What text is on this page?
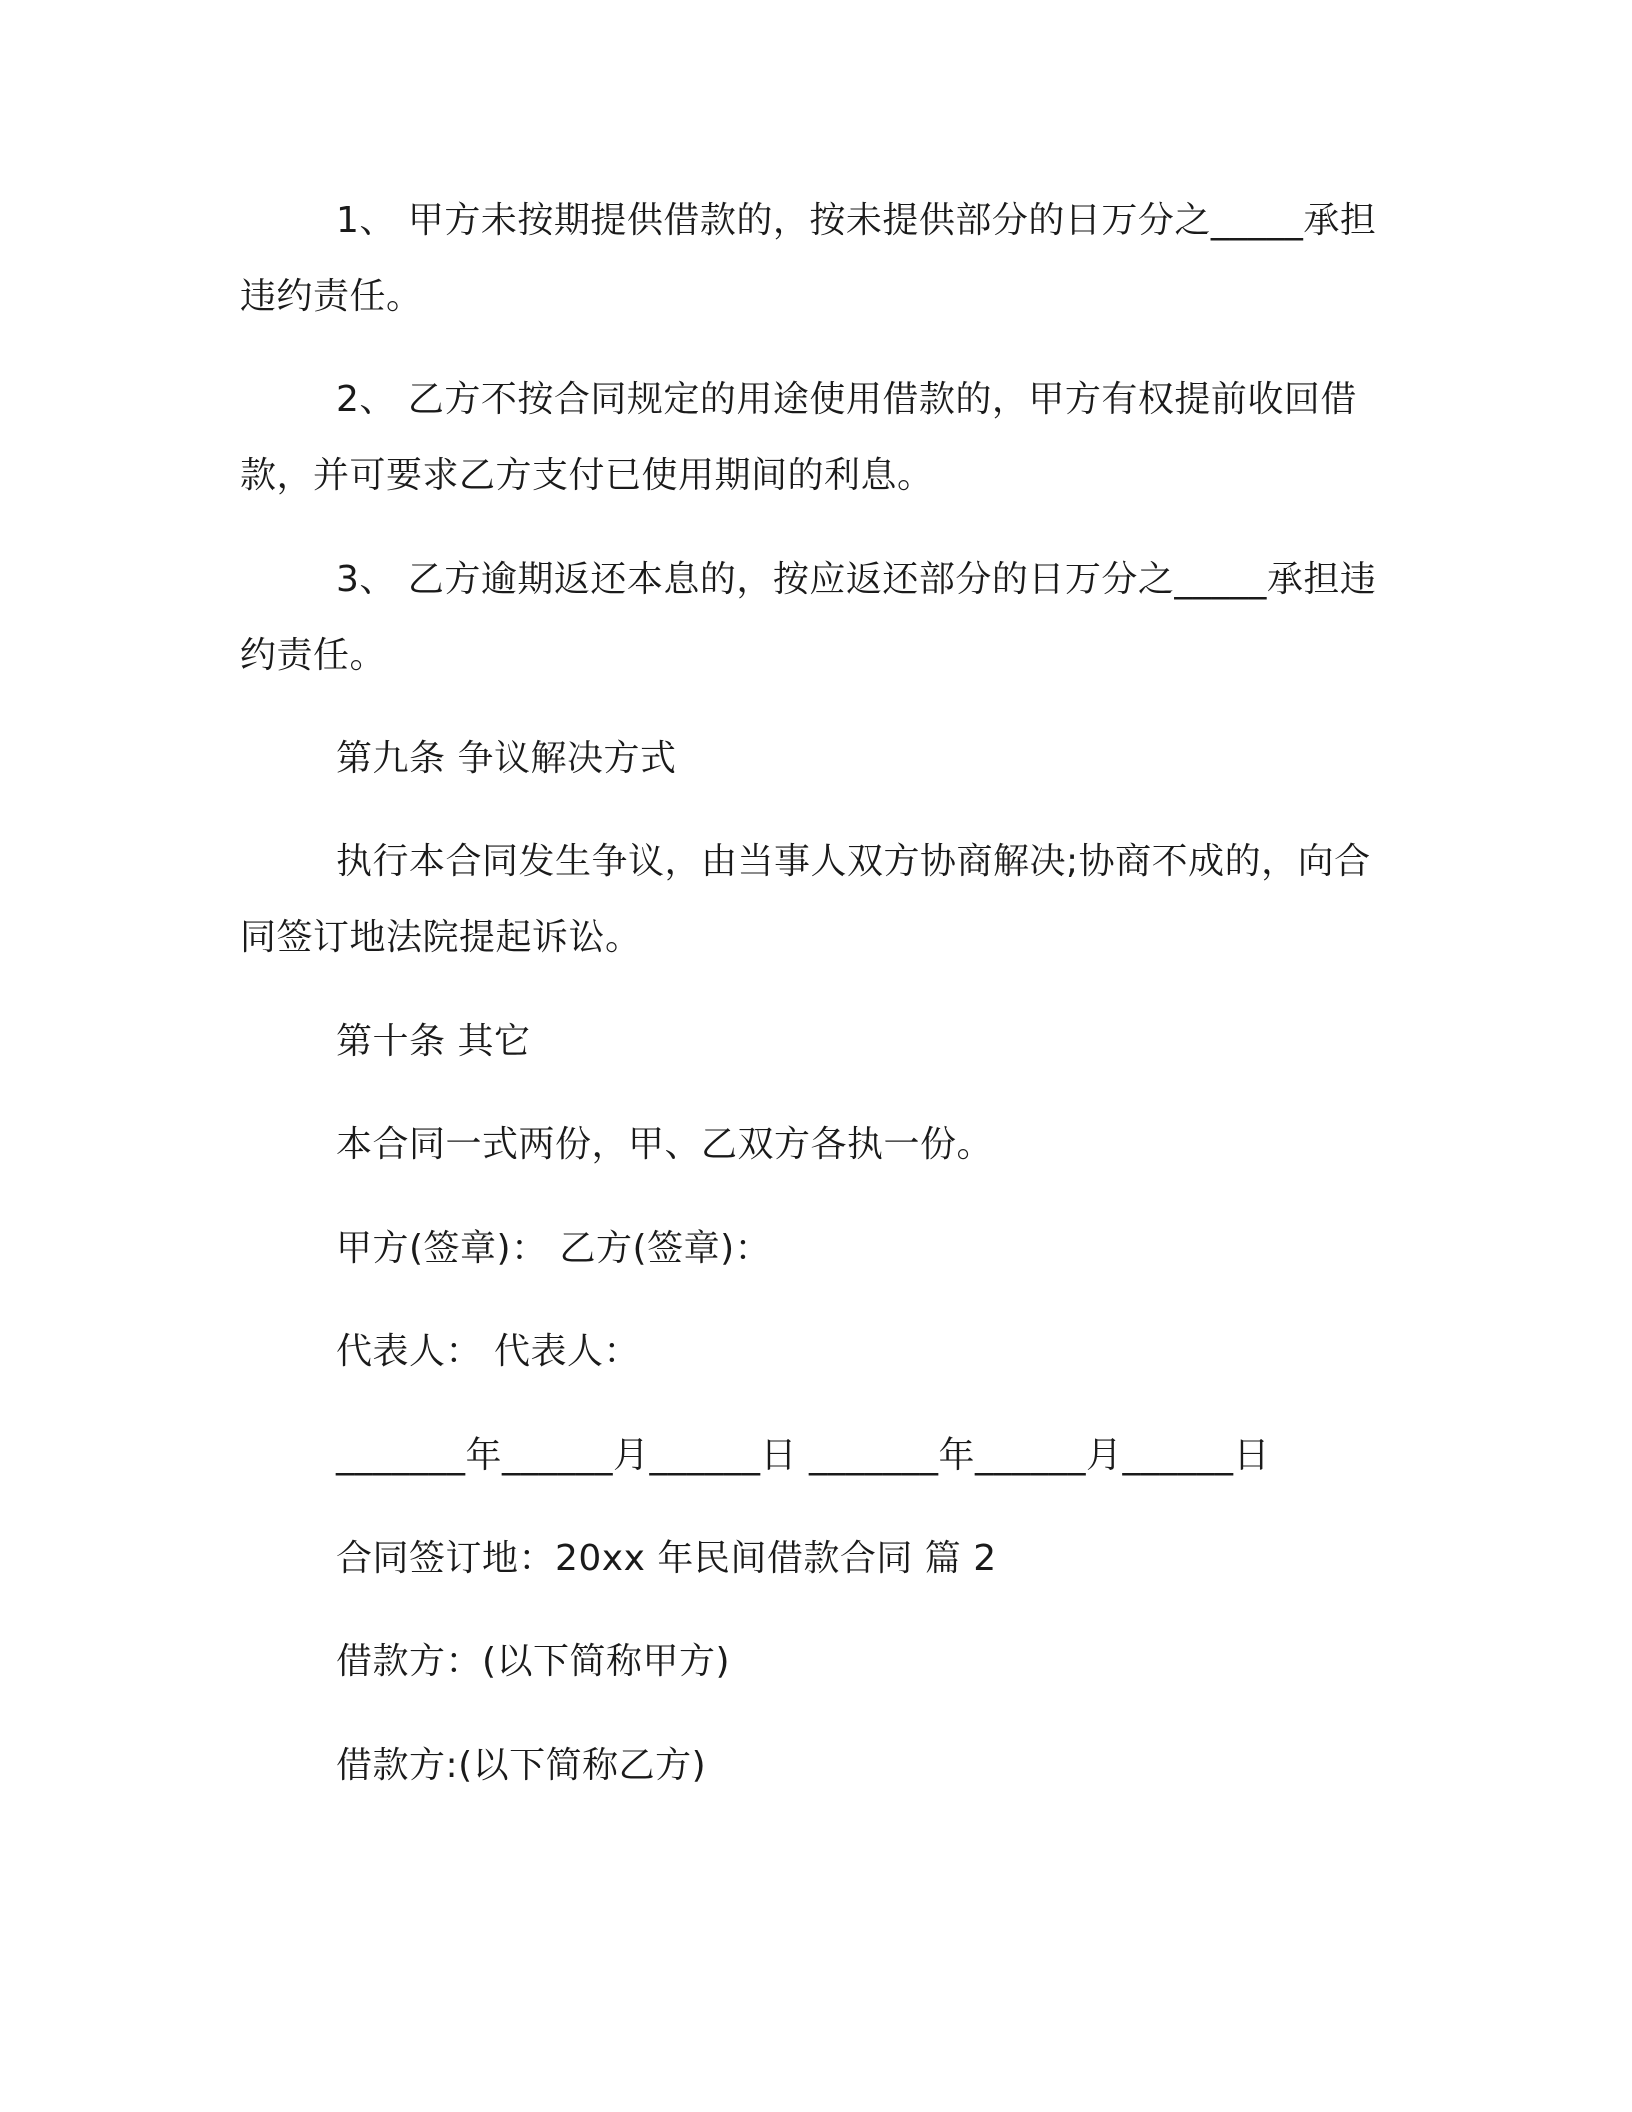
1、 甲方未按期提供借款的，按未提供部分的日万分之_____承担违约责任。

2、 乙方不按合同规定的用途使用借款的，甲方有权提前收回借款，并可要求乙方支付已使用期间的利息。

3、 乙方逾期返还本息的，按应返还部分的日万分之_____承担违约责任。

第九条 争议解决方式

执行本合同发生争议，由当事人双方协商解决;协商不成的，向合同签订地法院提起诉讼。

第十条 其它

本合同一式两份，甲、乙双方各执一份。

甲方(签章)： 乙方(签章)：

代表人： 代表人：

_______年______月______日 _______年______月______日

合同签订地：20xx 年民间借款合同 篇 2

借款方：(以下简称甲方)

借款方:(以下简称乙方)
